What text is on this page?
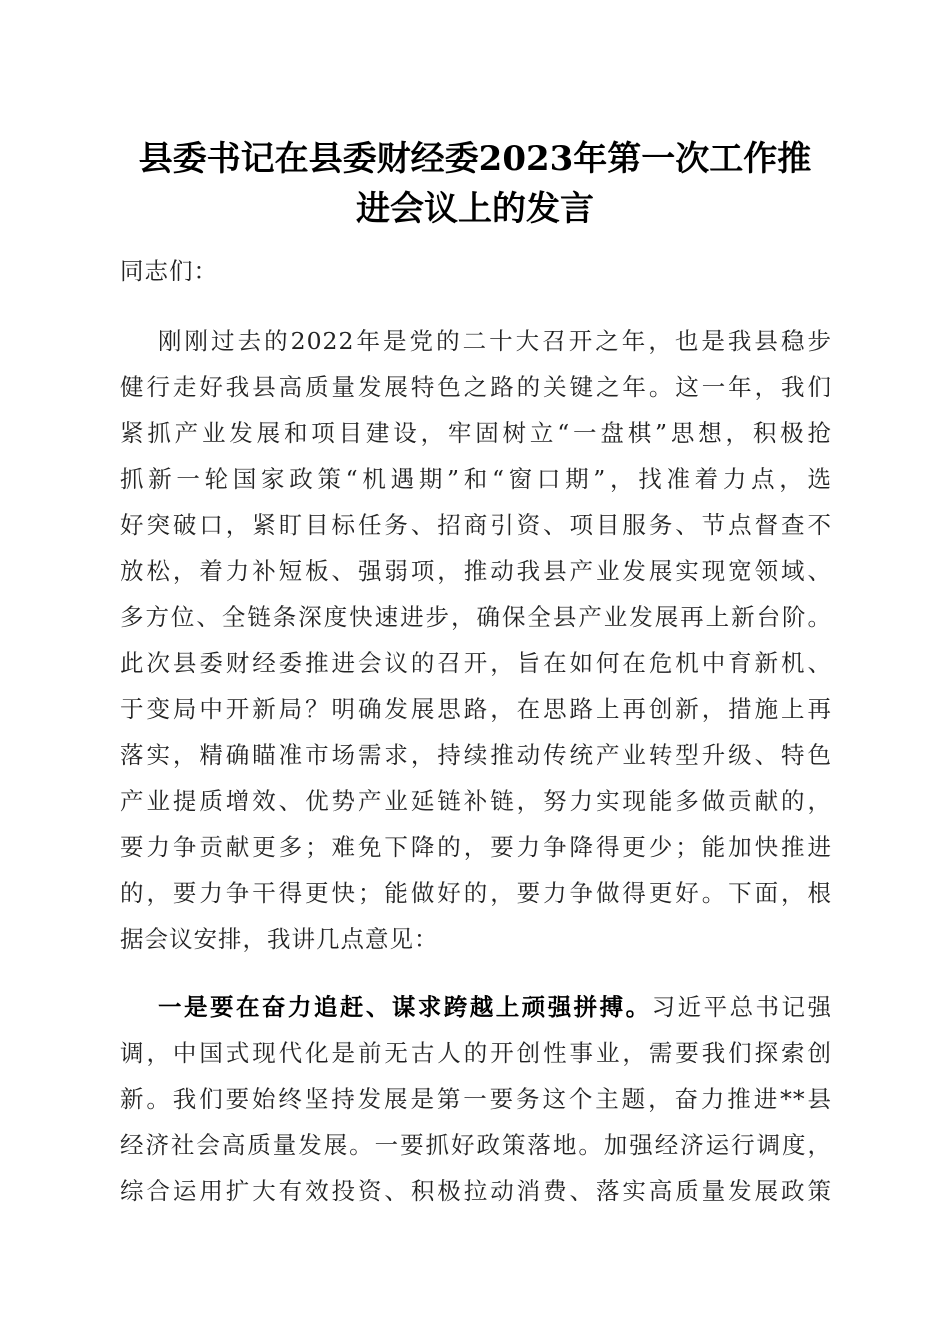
县委书记在县委财经委2023年第一次工作推
进会议上的发言
同志们：
刚刚过去的2022年是党的二十大召开之年，也是我县稳步
健行走好我县高质量发展特色之路的关键之年。这一年，我们
紧抓产业发展和项目建设，牢固树立“一盘棋”思想，积极抢
抓新一轮国家政策“机遇期”和“窗口期”，找准着力点，选
好突破口，紧盯目标任务、招商引资、项目服务、节点督查不
放松，着力补短板、强弱项，推动我县产业发展实现宽领域、
多方位、全链条深度快速进步，确保全县产业发展再上新台阶。
此次县委财经委推进会议的召开，旨在如何在危机中育新机、
于变局中开新局？明确发展思路，在思路上再创新，措施上再
落实，精确瞄准市场需求，持续推动传统产业转型升级、特色
产业提质增效、优势产业延链补链，努力实现能多做贡献的，
要力争贡献更多；难免下降的，要力争降得更少；能加快推进
的，要力争干得更快；能做好的，要力争做得更好。下面，根
据会议安排，我讲几点意见：
一是要在奋力追赶、谋求跨越上顽强拼搏。习近平总书记强
调，中国式现代化是前无古人的开创性事业，需要我们探索创
新。我们要始终坚持发展是第一要务这个主题，奋力推进**县
经济社会高质量发展。一要抓好政策落地。加强经济运行调度，
综合运用扩大有效投资、积极拉动消费、落实高质量发展政策
